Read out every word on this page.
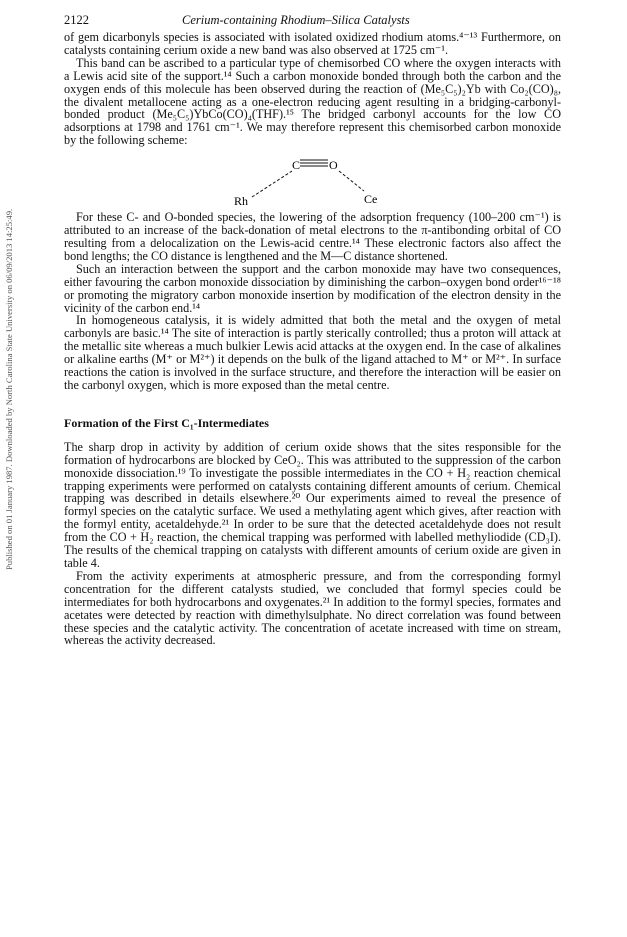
Published on 01 January 1987. Downloaded by North Carolina State University on 06/09/2013 14:25:49.
2122	Cerium-containing Rhodium–Silica Catalysts

of gem dicarbonyls species is associated with isolated oxidized rhodium atoms.⁴⁻¹³ Furthermore, on catalysts containing cerium oxide a new band was also observed at 1725 cm⁻¹.

This band can be ascribed to a particular type of chemisorbed CO where the oxygen interacts with a Lewis acid site of the support.¹⁴ Such a carbon monoxide bonded through both the carbon and the oxygen ends of this molecule has been observed during the reaction of (Me₅C₅)₂Yb with Co₂(CO)₈, the divalent metallocene acting as a one-electron reducing agent resulting in a bridging-carbonyl-bonded product (Me₅C₅)YbCo(CO)₄(THF).¹⁵ The bridged carbonyl accounts for the low CO adsorptions at 1798 and 1761 cm⁻¹. We may therefore represent this chemisorbed carbon monoxide by the following scheme:

C O
Rh	Ce

For these C- and O-bonded species, the lowering of the adsorption frequency (100–200 cm⁻¹) is attributed to an increase of the back-donation of metal electrons to the π-antibonding orbital of CO resulting from a delocalization on the Lewis-acid centre.¹⁴ These electronic factors also affect the bond lengths; the CO distance is lengthened and the M—C distance shortened.

Such an interaction between the support and the carbon monoxide may have two consequences, either favouring the carbon monoxide dissociation by diminishing the carbon–oxygen bond order¹⁶⁻¹⁸ or promoting the migratory carbon monoxide insertion by modification of the electron density in the vicinity of the carbon end.¹⁴

In homogeneous catalysis, it is widely admitted that both the metal and the oxygen of metal carbonyls are basic.¹⁴ The site of interaction is partly sterically controlled; thus a proton will attack at the metallic site whereas a much bulkier Lewis acid attacks at the oxygen end. In the case of alkalines or alkaline earths (M⁺ or M²⁺) it depends on the bulk of the ligand attached to M⁺ or M²⁺. In surface reactions the cation is involved in the surface structure, and therefore the interaction will be easier on the carbonyl oxygen, which is more exposed than the metal centre.

Formation of the First C₁-Intermediates

The sharp drop in activity by addition of cerium oxide shows that the sites responsible for the formation of hydrocarbons are blocked by CeO₂. This was attributed to the suppression of the carbon monoxide dissociation.¹⁹ To investigate the possible intermediates in the CO + H₂ reaction chemical trapping experiments were performed on catalysts containing different amounts of cerium. Chemical trapping was described in details elsewhere.²⁰ Our experiments aimed to reveal the presence of formyl species on the catalytic surface. We used a methylating agent which gives, after reaction with the formyl entity, acetaldehyde.²¹ In order to be sure that the detected acetaldehyde does not result from the CO + H₂ reaction, the chemical trapping was performed with labelled methyliodide (CD₃I). The results of the chemical trapping on catalysts with different amounts of cerium oxide are given in table 4.

From the activity experiments at atmospheric pressure, and from the corresponding formyl concentration for the different catalysts studied, we concluded that formyl species could be intermediates for both hydrocarbons and oxygenates.²¹ In addition to the formyl species, formates and acetates were detected by reaction with dimethylsulphate. No direct correlation was found between these species and the catalytic activity. The concentration of acetate increased with time on stream, whereas the activity decreased.
